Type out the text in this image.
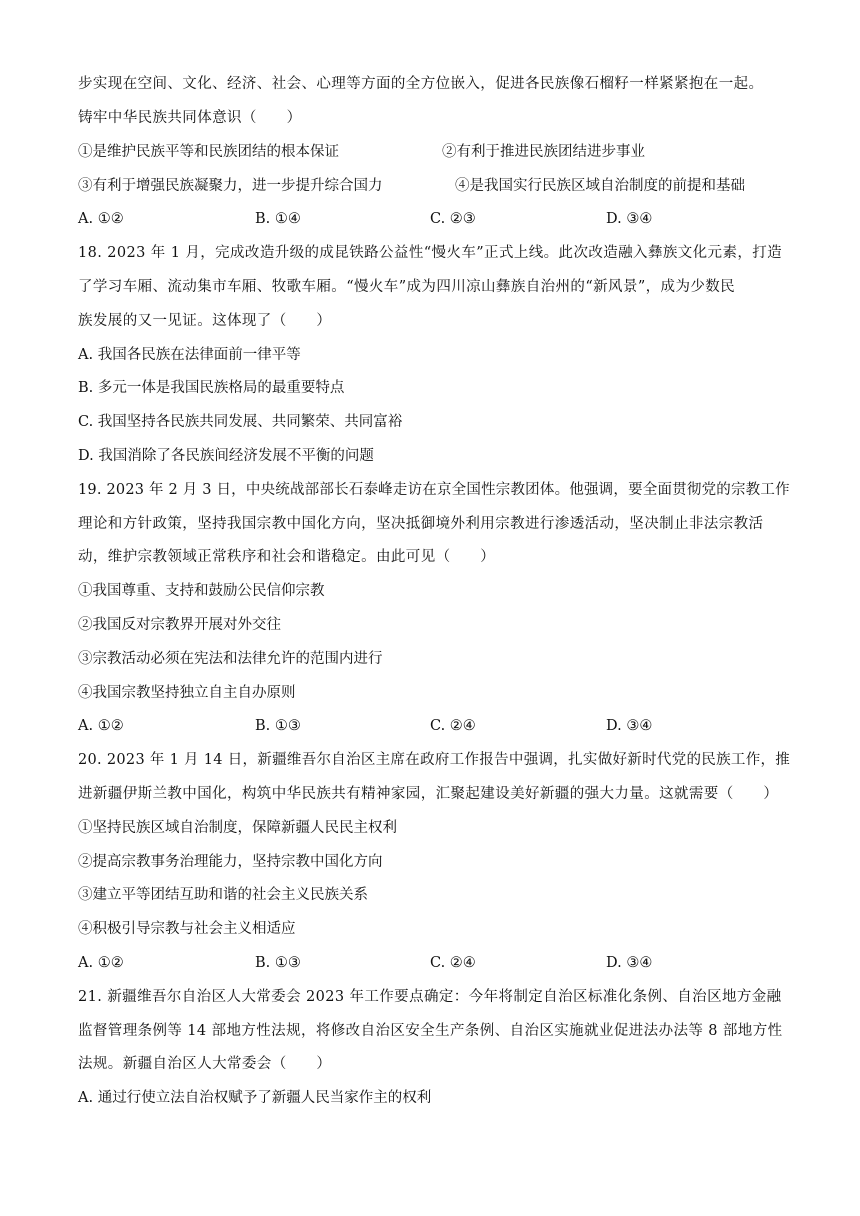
步实现在空间、文化、经济、社会、心理等方面的全方位嵌入，促进各民族像石榴籽一样紧紧抱在一起。
铸牢中华民族共同体意识（　　）
①是维护民族平等和民族团结的根本保证	②有利于推进民族团结进步事业
③有利于增强民族凝聚力，进一步提升综合国力	④是我国实行民族区域自治制度的前提和基础
A. ①②	B. ①④	C. ②③	D. ③④
18. 2023 年 1 月，完成改造升级的成昆铁路公益性“慢火车”正式上线。此次改造融入彝族文化元素，打造
了学习车厢、流动集市车厢、牧歌车厢。“慢火车”成为四川凉山彝族自治州的“新风景”，成为少数民
族发展的又一见证。这体现了（　　）
A. 我国各民族在法律面前一律平等
B. 多元一体是我国民族格局的最重要特点
C. 我国坚持各民族共同发展、共同繁荣、共同富裕
D. 我国消除了各民族间经济发展不平衡的问题
19. 2023 年 2 月 3 日，中央统战部部长石泰峰走访在京全国性宗教团体。他强调，要全面贯彻党的宗教工作
理论和方针政策，坚持我国宗教中国化方向，坚决抵御境外利用宗教进行渗透活动，坚决制止非法宗教活
动，维护宗教领域正常秩序和社会和谐稳定。由此可见（　　）
①我国尊重、支持和鼓励公民信仰宗教
②我国反对宗教界开展对外交往
③宗教活动必须在宪法和法律允许的范围内进行
④我国宗教坚持独立自主自办原则
A. ①②	B. ①③	C. ②④	D. ③④
20. 2023 年 1 月 14 日，新疆维吾尔自治区主席在政府工作报告中强调，扎实做好新时代党的民族工作，推
进新疆伊斯兰教中国化，构筑中华民族共有精神家园，汇聚起建设美好新疆的强大力量。这就需要（　　）
①坚持民族区域自治制度，保障新疆人民民主权利
②提高宗教事务治理能力，坚持宗教中国化方向
③建立平等团结互助和谐的社会主义民族关系
④积极引导宗教与社会主义相适应
A. ①②	B. ①③	C. ②④	D. ③④
21. 新疆维吾尔自治区人大常委会 2023 年工作要点确定：今年将制定自治区标准化条例、自治区地方金融
监督管理条例等 14 部地方性法规，将修改自治区安全生产条例、自治区实施就业促进法办法等 8 部地方性
法规。新疆自治区人大常委会（　　）
A. 通过行使立法自治权赋予了新疆人民当家作主的权利
